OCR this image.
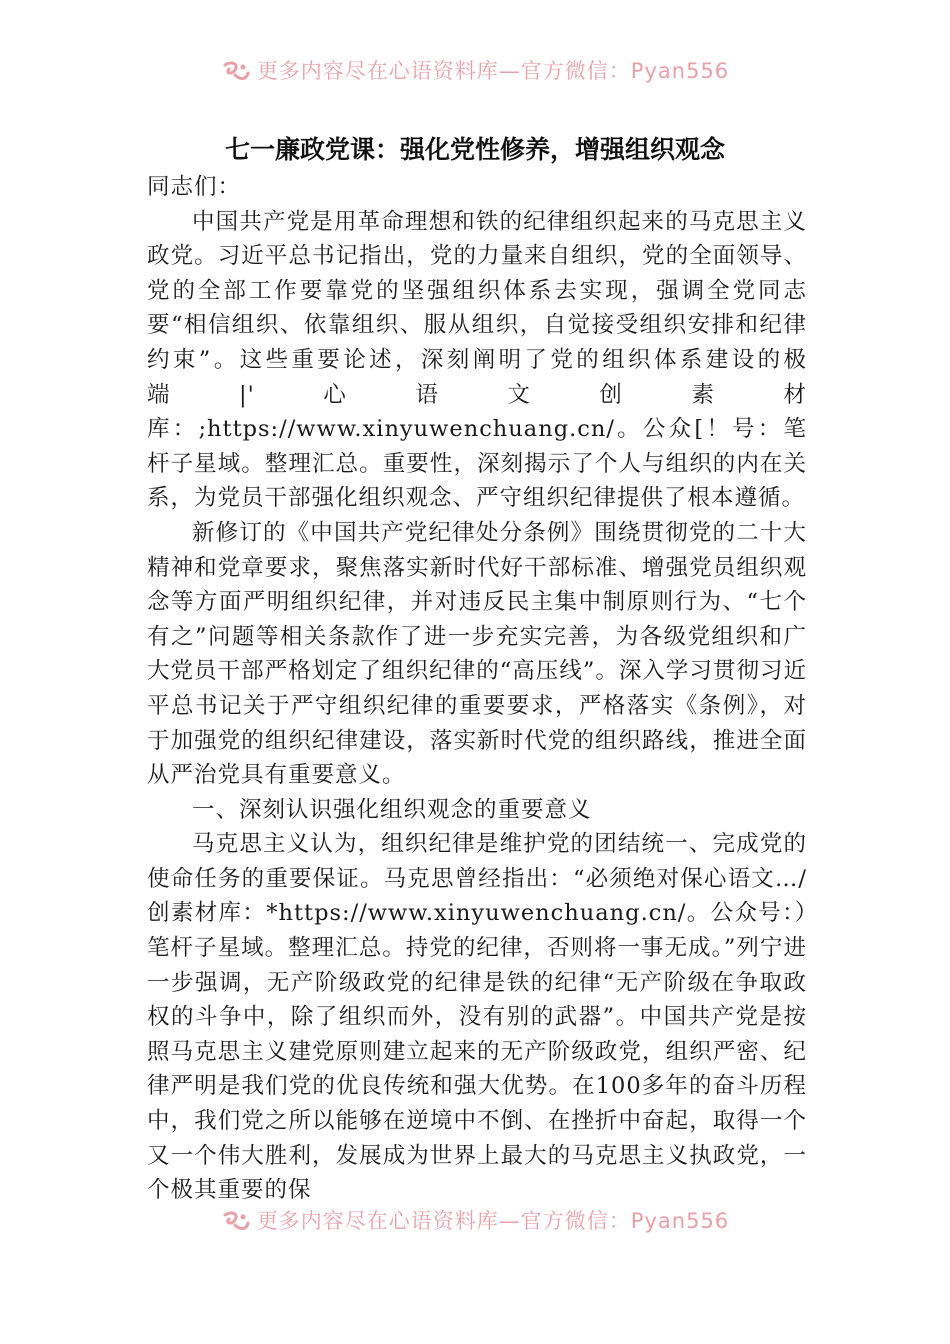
更多内容尽在心语资料库—官方微信：Pyan556
七一廉政党课：强化党性修养，增强组织观念

同志们：

中国共产党是用革命理想和铁的纪律组织起来的马克思主义政党。习近平总书记指出，党的力量来自组织，党的全面领导、党的全部工作要靠党的坚强组织体系去实现，强调全党同志要“相信组织、依靠组织、服从组织，自觉接受组织安排和纪律约束”。这些重要论述，深刻阐明了党的组织体系建设的极端|'心语文创素材库：;https://www.xinyuwenchuang.cn/。公众[！号：笔杆子星域。整理汇总。重要性，深刻揭示了个人与组织的内在关系，为党员干部强化组织观念、严守组织纪律提供了根本遵循。

新修订的《中国共产党纪律处分条例》围绕贯彻党的二十大精神和党章要求，聚焦落实新时代好干部标准、增强党员组织观念等方面严明组织纪律，并对违反民主集中制原则行为、“七个有之”问题等相关条款作了进一步充实完善，为各级党组织和广大党员干部严格划定了组织纪律的“高压线”。深入学习贯彻习近平总书记关于严守组织纪律的重要要求，严格落实《条例》，对于加强党的组织纪律建设，落实新时代党的组织路线，推进全面从严治党具有重要意义。

一、深刻认识强化组织观念的重要意义

马克思主义认为，组织纪律是维护党的团结统一、完成党的使命任务的重要保证。马克思曾经指出：“必须绝对保心语文…/创素材库：*https://www.xinyuwenchuang.cn/。公众号：）笔杆子星域。整理汇总。持党的纪律，否则将一事无成。”列宁进一步强调，无产阶级政党的纪律是铁的纪律“无产阶级在争取政权的斗争中，除了组织而外，没有别的武器”。中国共产党是按照马克思主义建党原则建立起来的无产阶级政党，组织严密、纪律严明是我们党的优良传统和强大优势。在100多年的奋斗历程中，我们党之所以能够在逆境中不倒、在挫折中奋起，取得一个又一个伟大胜利，发展成为世界上最大的马克思主义执政党，一个极其重要的保

更多内容尽在心语资料库—官方微信：Pyan556
